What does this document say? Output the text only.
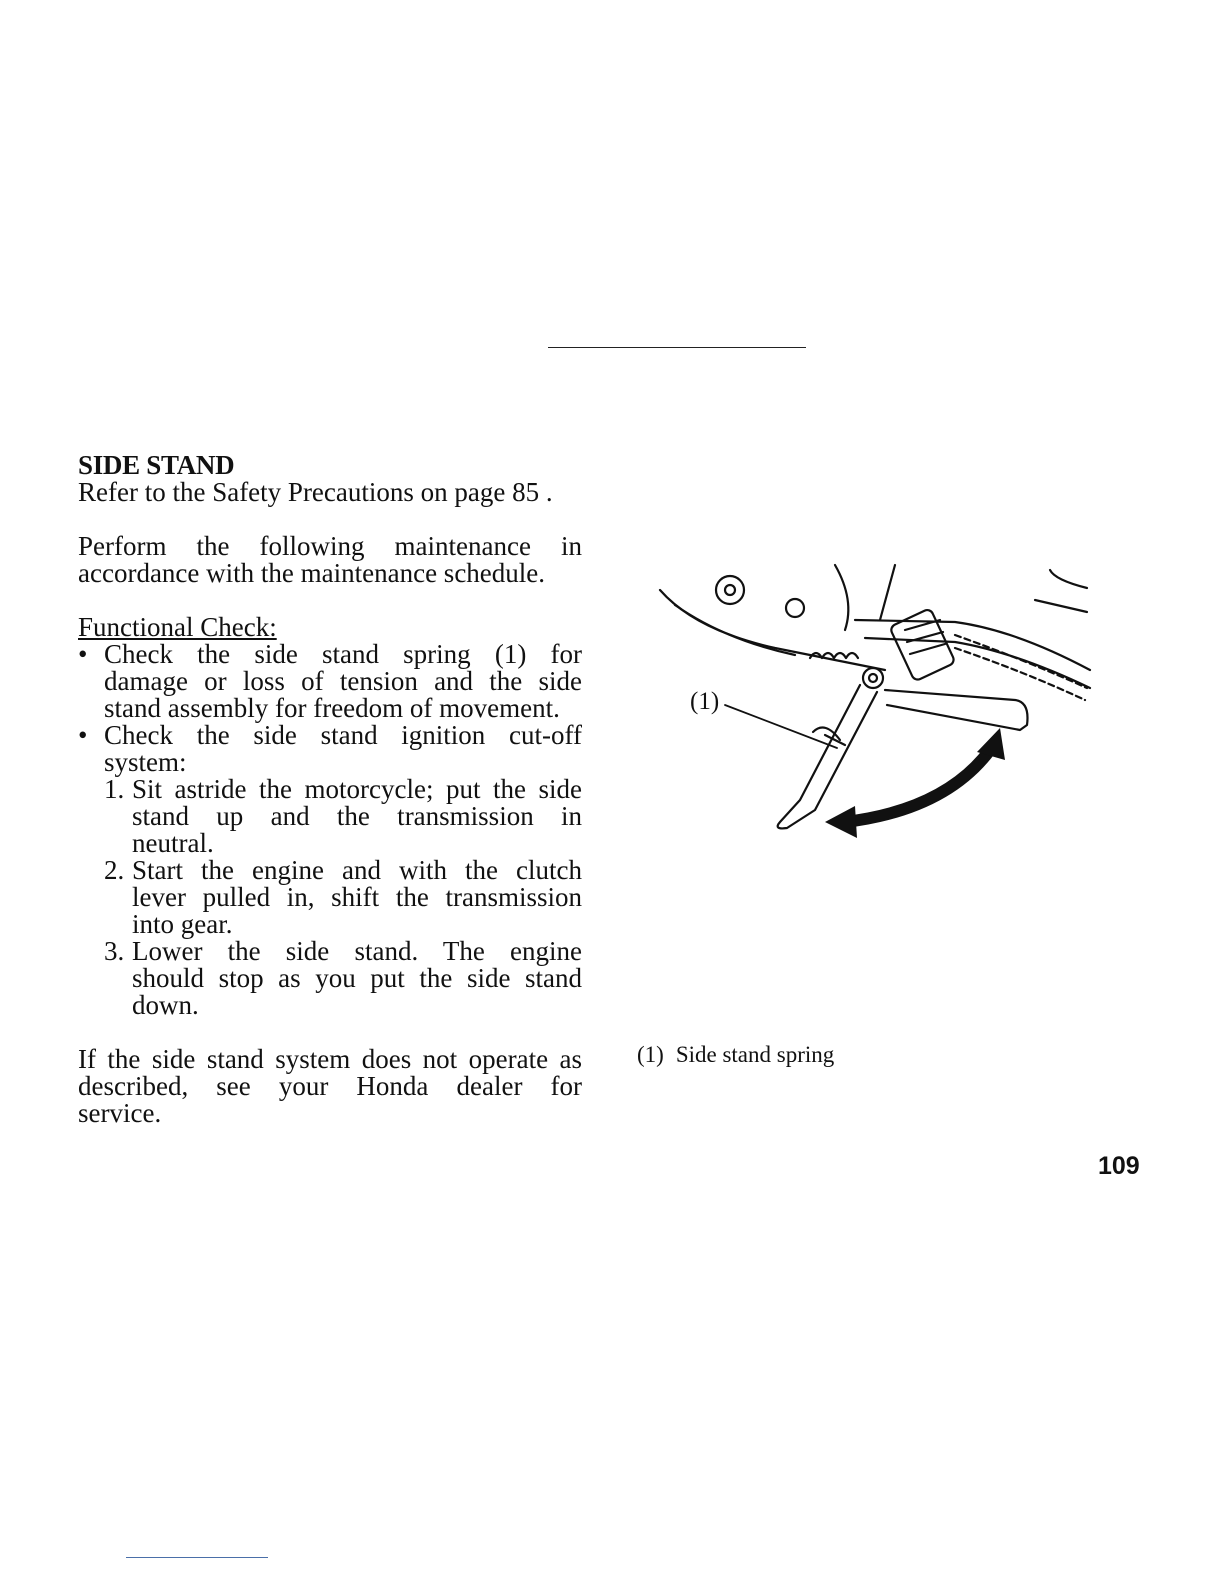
SIDE STAND

Refer to the Safety Precautions on page 85 .

Perform the following maintenance in
accordance with the maintenance schedule.

Functional Check:

• Check the side stand spring (1) for
damage or loss of tension and the side
stand assembly for freedom of movement.
• Check the side stand ignition cut-off
system:
1. Sit astride the motorcycle; put the side
stand up and the transmission in
neutral.
2. Start the engine and with the clutch
lever pulled in, shift the transmission
into gear.
3. Lower the side stand. The engine
should stop as you put the side stand
down.

If the side stand system does not operate as
described, see your Honda dealer for
service.

(1)
(1) Side stand spring
109
